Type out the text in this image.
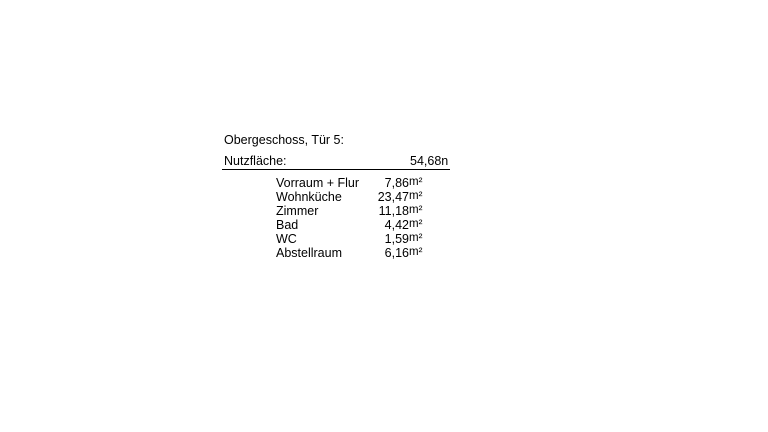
Obergeschoss, Tür 5:
Nutzfläche:	54,68n
Vorraum + Flur 7,86 m²
Wohnküche	23,47 m²
Zimmer	11,18 m²
Bad	4,42 m²
WC	1,59 m²
Abstellraum	6,16 m²
